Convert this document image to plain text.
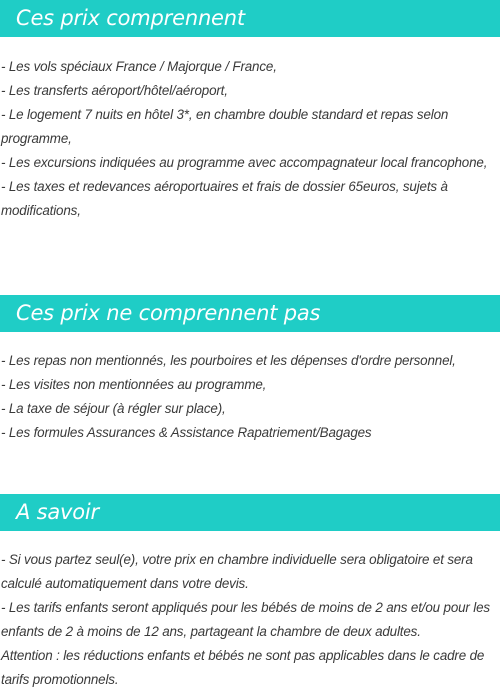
Ces prix comprennent

- Les vols spéciaux France / Majorque / France,

- Les transferts aéroport/hôtel/aéroport,

- Le logement 7 nuits en hôtel 3*, en chambre double standard et repas selon programme,

- Les excursions indiquées au programme avec accompagnateur local francophone,

- Les taxes et redevances aéroportuaires et frais de dossier 65euros, sujets à modifications,

Ces prix ne comprennent pas

- Les repas non mentionnés, les pourboires et les dépenses d'ordre personnel,

- Les visites non mentionnées au programme,

- La taxe de séjour (à régler sur place),

- Les formules Assurances & Assistance Rapatriement/Bagages

A savoir

- Si vous partez seul(e), votre prix en chambre individuelle sera obligatoire et sera calculé automatiquement dans votre devis.

- Les tarifs enfants seront appliqués pour les bébés de moins de 2 ans et/ou pour les enfants de 2 à moins de 12 ans, partageant la chambre de deux adultes.

Attention : les réductions enfants et bébés ne sont pas applicables dans le cadre de tarifs promotionnels.
